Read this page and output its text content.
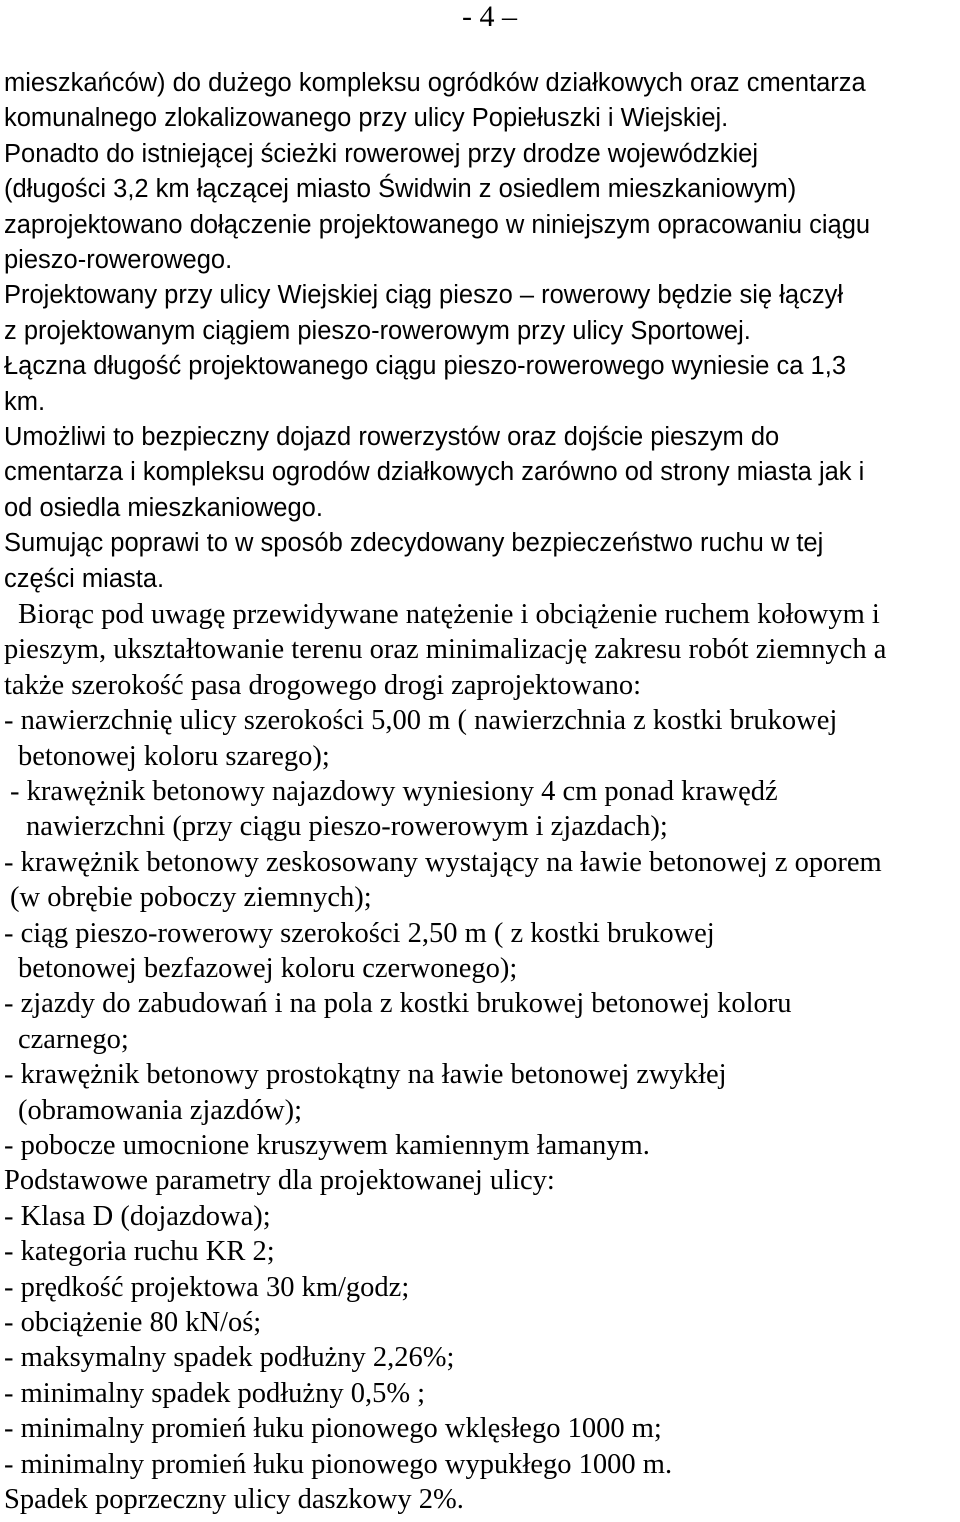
- 4 –
mieszkańców) do dużego kompleksu ogródków działkowych oraz cmentarza
komunalnego zlokalizowanego przy ulicy Popiełuszki i Wiejskiej.
Ponadto do istniejącej ścieżki rowerowej przy drodze wojewódzkiej
(długości 3,2 km łączącej miasto Świdwin z osiedlem mieszkaniowym)
zaprojektowano dołączenie projektowanego w niniejszym opracowaniu ciągu
pieszo-rowerowego.
Projektowany przy ulicy Wiejskiej ciąg pieszo – rowerowy będzie się łączył
z projektowanym ciągiem pieszo-rowerowym przy ulicy Sportowej.
Łączna długość projektowanego ciągu pieszo-rowerowego wyniesie ca 1,3
km.
Umożliwi to bezpieczny dojazd rowerzystów oraz dojście pieszym do
cmentarza i kompleksu ogrodów działkowych zarówno od strony miasta jak i
od osiedla mieszkaniowego.
Sumując poprawi to w sposób zdecydowany bezpieczeństwo ruchu w tej
części miasta.
Biorąc pod uwagę przewidywane natężenie i obciążenie ruchem kołowym i
pieszym, ukształtowanie terenu oraz minimalizację zakresu robót ziemnych a
także szerokość pasa drogowego drogi zaprojektowano:
- nawierzchnię ulicy szerokości 5,00 m ( nawierzchnia z kostki brukowej
betonowej koloru szarego);
- krawężnik betonowy najazdowy wyniesiony 4 cm ponad krawędź
nawierzchni (przy ciągu pieszo-rowerowym i zjazdach);
- krawężnik betonowy zeskosowany wystający na ławie betonowej z oporem
(w obrębie poboczy ziemnych);
- ciąg pieszo-rowerowy szerokości 2,50 m ( z kostki brukowej
betonowej bezfazowej koloru czerwonego);
- zjazdy do zabudowań i na pola z kostki brukowej betonowej koloru
czarnego;
- krawężnik betonowy prostokątny na ławie betonowej zwykłej
(obramowania zjazdów);
- pobocze umocnione kruszywem kamiennym łamanym.
Podstawowe parametry dla projektowanej ulicy:
- Klasa D (dojazdowa);
- kategoria ruchu KR 2;
- prędkość projektowa 30 km/godz;
- obciążenie 80 kN/oś;
- maksymalny spadek podłużny 2,26%;
- minimalny spadek podłużny 0,5% ;
- minimalny promień łuku pionowego wklęsłego 1000 m;
- minimalny promień łuku pionowego wypukłego 1000 m.
Spadek poprzeczny ulicy daszkowy 2%.
